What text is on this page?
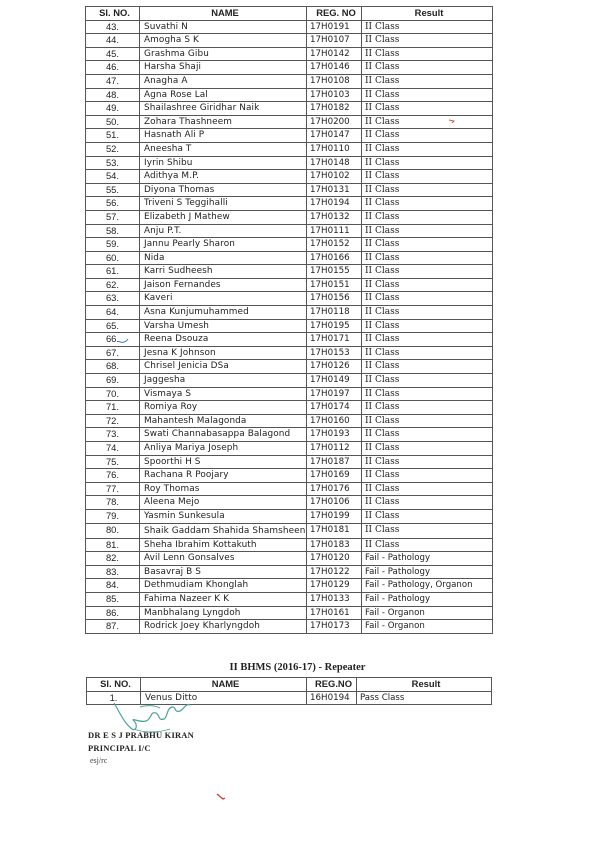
Sl. NO.	NAME	REG. NO	Result
43.	Suvathi N	17H0191	II Class
44.	Amogha S K	17H0107	II Class
45.	Grashma Gibu	17H0142	II Class
46.	Harsha Shaji	17H0146	II Class
47.	Anagha A	17H0108	II Class
48.	Agna Rose Lal	17H0103	II Class
49.	Shailashree Giridhar Naik	17H0182	II Class
50.	Zohara Thashneem	17H0200	II Class
51.	Hasnath Ali P	17H0147	II Class
52.	Aneesha T	17H0110	II Class
53.	Iyrin Shibu	17H0148	II Class
54.	Adithya M.P.	17H0102	II Class
55.	Diyona Thomas	17H0131	II Class
56.	Triveni S Teggihalli	17H0194	II Class
57.	Elizabeth J Mathew	17H0132	II Class
58.	Anju P.T.	17H0111	II Class
59.	Jannu Pearly Sharon	17H0152	II Class
60.	Nida	17H0166	II Class
61.	Karri Sudheesh	17H0155	II Class
62.	Jaison Fernandes	17H0151	II Class
63.	Kaveri	17H0156	II Class
64.	Asna Kunjumuhammed	17H0118	II Class
65.	Varsha Umesh	17H0195	II Class
66.	Reena Dsouza	17H0171	II Class
67.	Jesna K Johnson	17H0153	II Class
68.	Chrisel Jenicia DSa	17H0126	II Class
69.	Jaggesha	17H0149	II Class
70.	Vismaya S	17H0197	II Class
71.	Romiya Roy	17H0174	II Class
72.	Mahantesh Malagonda	17H0160	II Class
73.	Swati Channabasappa Balagond	17H0193	II Class
74.	Anliya Mariya Joseph	17H0112	II Class
75.	Spoorthi H S	17H0187	II Class
76.	Rachana R Poojary	17H0169	II Class
77.	Roy Thomas	17H0176	II Class
78.	Aleena Mejo	17H0106	II Class
79.	Yasmin Sunkesula	17H0199	II Class
80.	Shaik Gaddam Shahida Shamsheen	17H0181	II Class
81.	Sheha Ibrahim Kottakuth	17H0183	II Class
82.	Avil Lenn Gonsalves	17H0120	Fail - Pathology
83.	Basavraj B S	17H0122	Fail - Pathology
84.	Dethmudiam Khonglah	17H0129	Fail - Pathology, Organon
85.	Fahima Nazeer K K	17H0133	Fail - Pathology
86.	Manbhalang Lyngdoh	17H0161	Fail - Organon
87.	Rodrick Joey Kharlyngdoh	17H0173	Fail - Organon
II BHMS (2016-17) - Repeater
Sl. NO.	NAME	REG.NO	Result
1.	Venus Ditto	16H0194	Pass Class
DR E S J PRABHU KIRAN
PRINCIPAL I/C
esj/rc
